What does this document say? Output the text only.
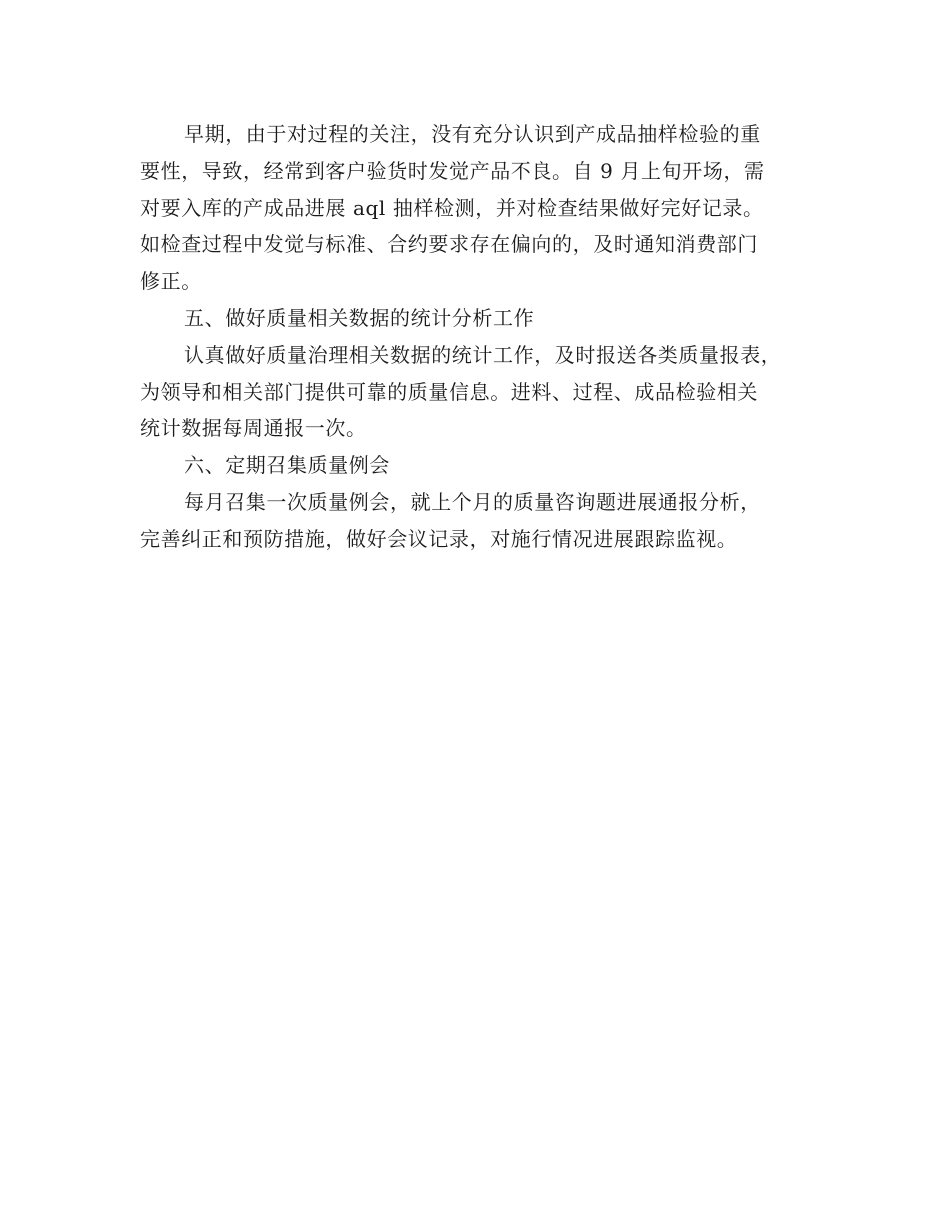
早期，由于对过程的关注，没有充分认识到产成品抽样检验的重
要性，导致，经常到客户验货时发觉产品不良。自 9 月上旬开场，需
对要入库的产成品进展 aql 抽样检测，并对检查结果做好完好记录。
如检查过程中发觉与标准、合约要求存在偏向的，及时通知消费部门
修正。
五、做好质量相关数据的统计分析工作
认真做好质量治理相关数据的统计工作，及时报送各类质量报表，
为领导和相关部门提供可靠的质量信息。进料、过程、成品检验相关
统计数据每周通报一次。
六、定期召集质量例会
每月召集一次质量例会，就上个月的质量咨询题进展通报分析，
完善纠正和预防措施，做好会议记录，对施行情况进展跟踪监视。
